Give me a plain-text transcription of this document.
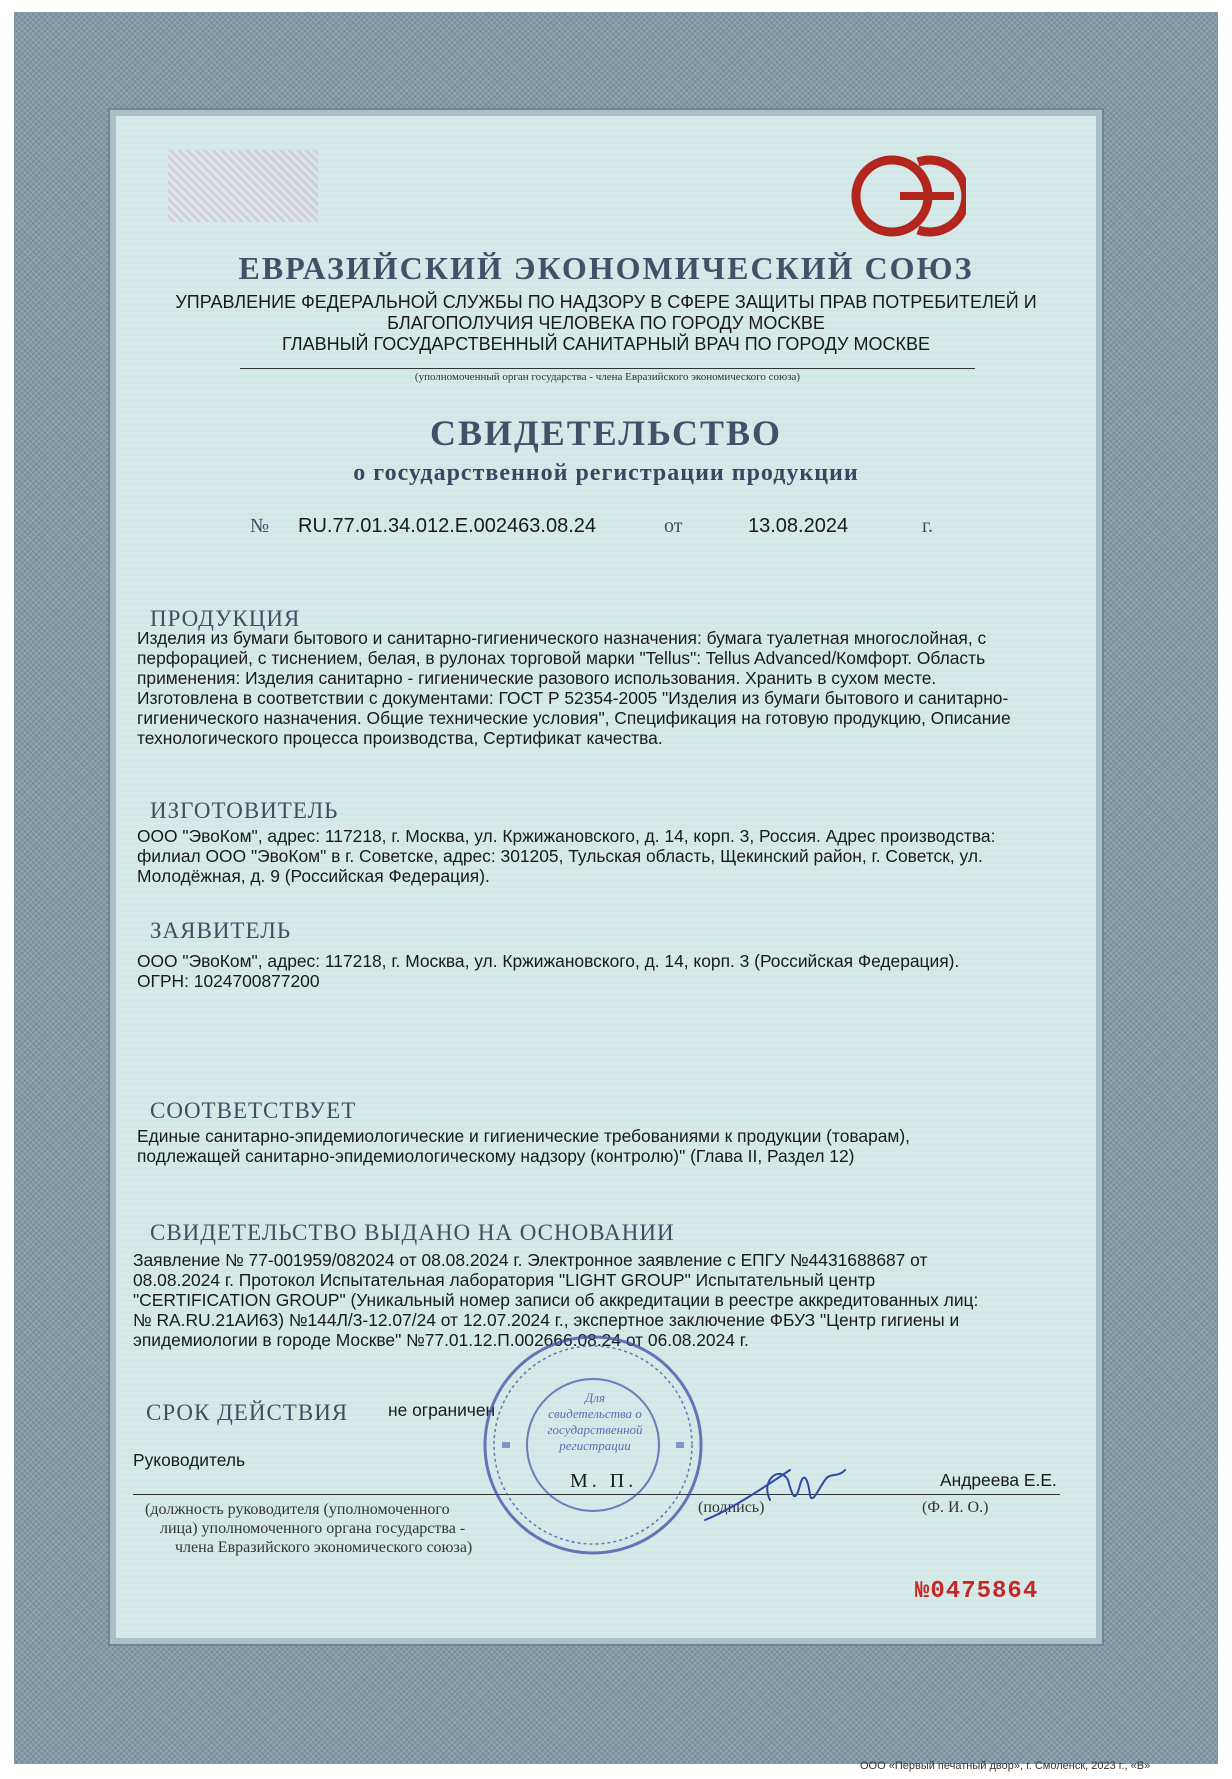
ЕВРАЗИЙСКИЙ ЭКОНОМИЧЕСКИЙ СОЮЗ
УПРАВЛЕНИЕ ФЕДЕРАЛЬНОЙ СЛУЖБЫ ПО НАДЗОРУ В СФЕРЕ ЗАЩИТЫ ПРАВ ПОТРЕБИТЕЛЕЙ И
БЛАГОПОЛУЧИЯ ЧЕЛОВЕКА ПО ГОРОДУ МОСКВЕ
ГЛАВНЫЙ ГОСУДАРСТВЕННЫЙ САНИТАРНЫЙ ВРАЧ ПО ГОРОДУ МОСКВЕ
(уполномоченный орган государства - члена Евразийского экономического союза)
СВИДЕТЕЛЬСТВО
о государственной регистрации продукции
№ RU.77.01.34.012.Е.002463.08.24	от	13.08.2024	г.
ПРОДУКЦИЯ
Изделия из бумаги бытового и санитарно-гигиенического назначения: бумага туалетная многослойная, с
перфорацией, с тиснением, белая, в рулонах торговой марки "Tellus": Tellus Advanced/Комфорт. Область
применения: Изделия санитарно - гигиенические разового использования. Хранить в сухом месте.
Изготовлена в соответствии с документами: ГОСТ Р 52354-2005 "Изделия из бумаги бытового и санитарно-
гигиенического назначения. Общие технические условия", Спецификация на готовую продукцию, Описание
технологического процесса производства, Сертификат качества.
ИЗГОТОВИТЕЛЬ
ООО "ЭвоКом", адрес: 117218, г. Москва, ул. Кржижановского, д. 14, корп. 3, Россия. Адрес производства:
филиал ООО "ЭвоКом" в г. Советске, адрес: 301205, Тульская область, Щекинский район, г. Советск, ул.
Молодёжная, д. 9 (Российская Федерация).
ЗАЯВИТЕЛЬ
ООО "ЭвоКом", адрес: 117218, г. Москва, ул. Кржижановского, д. 14, корп. 3 (Российская Федерация).
ОГРН: 1024700877200
СООТВЕТСТВУЕТ
Единые санитарно-эпидемиологические и гигиенические требованиями к продукции (товарам),
подлежащей санитарно-эпидемиологическому надзору (контролю)" (Глава II, Раздел 12)
СВИДЕТЕЛЬСТВО ВЫДАНО НА ОСНОВАНИИ
Заявление № 77-001959/082024 от 08.08.2024 г. Электронное заявление с ЕПГУ №4431688687 от
08.08.2024 г. Протокол Испытательная лаборатория "LIGHT GROUP" Испытательный центр
"CERTIFICATION GROUP" (Уникальный номер записи об аккредитации в реестре аккредитованных лиц:
№ RA.RU.21АИ63) №144Л/3-12.07/24 от 12.07.2024 г., экспертное заключение ФБУЗ "Центр гигиены и
эпидемиологии в городе Москве" №77.01.12.П.002666.08.24 от 06.08.2024 г.
СРОК ДЕЙСТВИЯ не ограничен
Руководитель
Андреева Е.Е.
(должность руководителя (уполномоченного
лица) уполномоченного органа государства -
члена Евразийского экономического союза)
(подпись)	(Ф. И. О.)
Для свидетельства о государственной регистрации
М. П.
№0475864
ООО «Первый печатный двор», г. Смоленск, 2023 г., «В»
